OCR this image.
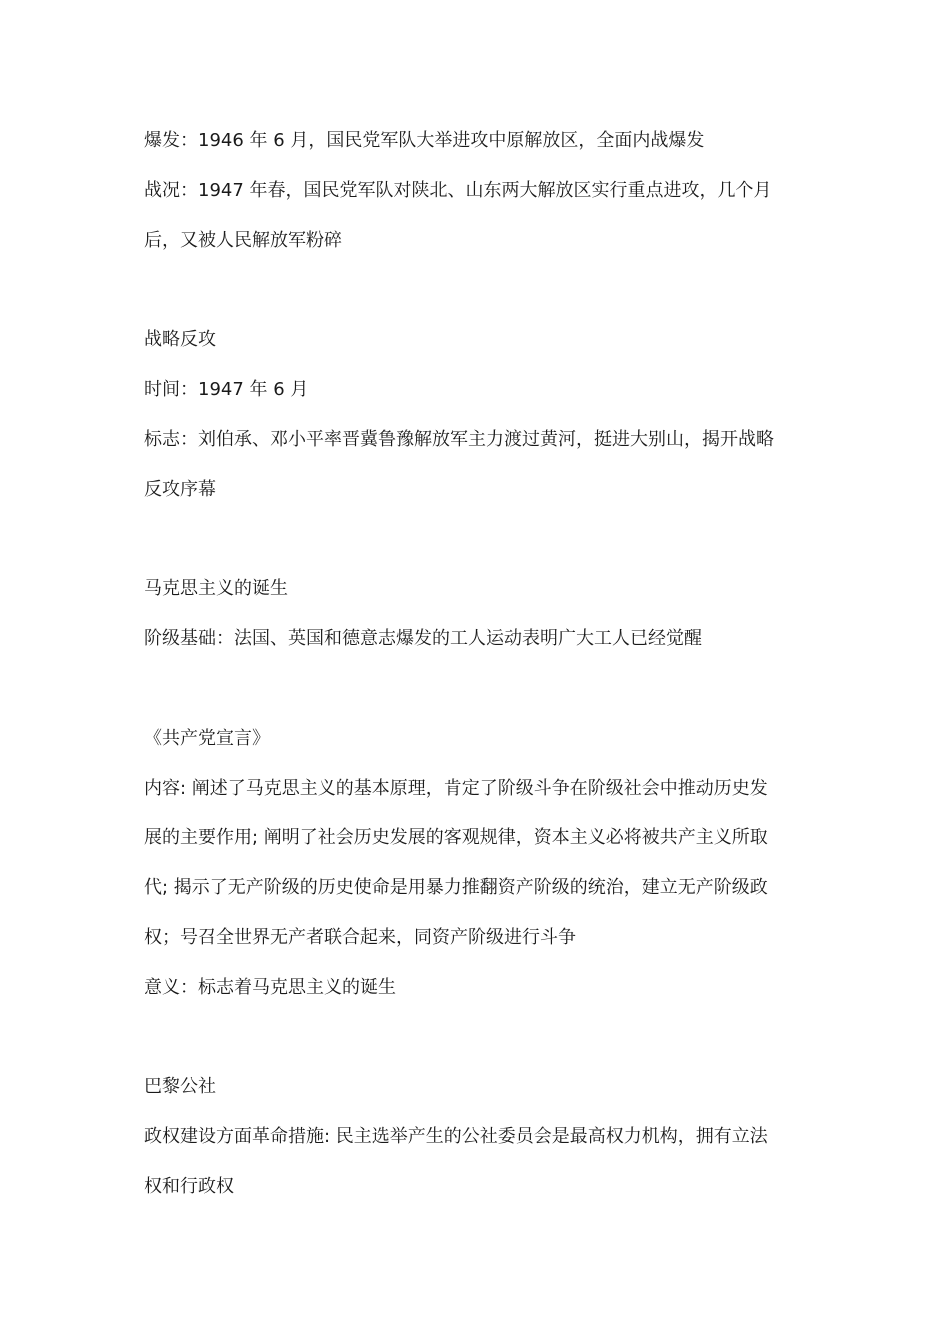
爆发：1946 年 6 月，国民党军队大举进攻中原解放区，全面内战爆发
战况：1947 年春，国民党军队对陕北、山东两大解放区实行重点进攻，几个月
后，又被人民解放军粉碎
战略反攻
时间：1947 年 6 月
标志：刘伯承、邓小平率晋冀鲁豫解放军主力渡过黄河，挺进大别山，揭开战略
反攻序幕
马克思主义的诞生
阶级基础：法国、英国和德意志爆发的工人运动表明广大工人已经觉醒
《共产党宣言》
内容: 阐述了马克思主义的基本原理，肯定了阶级斗争在阶级社会中推动历史发
展的主要作用; 阐明了社会历史发展的客观规律，资本主义必将被共产主义所取
代; 揭示了无产阶级的历史使命是用暴力推翻资产阶级的统治，建立无产阶级政
权；号召全世界无产者联合起来，同资产阶级进行斗争
意义：标志着马克思主义的诞生
巴黎公社
政权建设方面革命措施: 民主选举产生的公社委员会是最高权力机构，拥有立法
权和行政权
